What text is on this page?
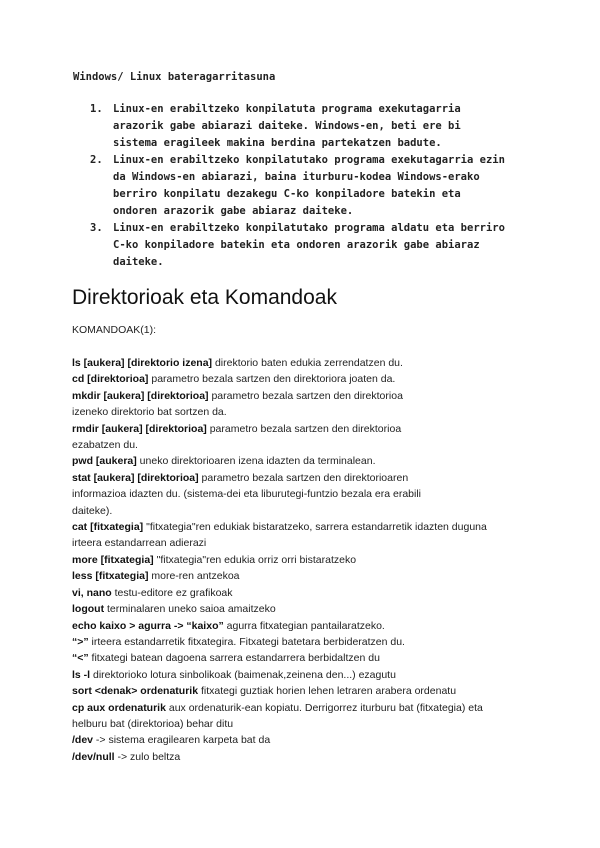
Windows/ Linux bateragarritasuna
1. Linux-en erabiltzeko konpilatuta programa exekutagarria
arazorik gabe abiarazi daiteke. Windows-en, beti ere bi
sistema eragileek makina berdina partekatzen badute.
2. Linux-en erabiltzeko konpilatutako programa exekutagarria ezin
da Windows-en abiarazi, baina iturburu-kodea Windows-erako
berriro konpilatu dezakegu C-ko konpiladore batekin eta
ondoren arazorik gabe abiaraz daiteke.
3. Linux-en erabiltzeko konpilatutako programa aldatu eta berriro
C-ko konpiladore batekin eta ondoren arazorik gabe abiaraz
daiteke.
Direktorioak eta Komandoak
KOMANDOAK(1):
ls [aukera] [direktorio izena] direktorio baten edukia zerrendatzen du.
cd [direktorioa] parametro bezala sartzen den direktoriora joaten da.
mkdir [aukera] [direktorioa] parametro bezala sartzen den direktorioa
izeneko direktorio bat sortzen da.
rmdir [aukera] [direktorioa] parametro bezala sartzen den direktorioa
ezabatzen du.
pwd [aukera] uneko direktorioaren izena idazten da terminalean.
stat [aukera] [direktorioa] parametro bezala sartzen den direktorioaren
informazioa idazten du. (sistema-dei eta liburutegi-funtzio bezala era erabili
daiteke).
cat [fitxategia] "fitxategia"ren edukiak bistaratzeko, sarrera estandarretik idazten duguna
irteera estandarrean adierazi
more [fitxategia] "fitxategia"ren edukia orriz orri bistaratzeko
less [fitxategia] more-ren antzekoa
vi, nano testu-editore ez grafikoak
logout terminalaren uneko saioa amaitzeko
echo kaixo > agurra -> “kaixo” agurra fitxategian pantailaratzeko.
“>” irteera estandarretik fitxategira. Fitxategi batetara berbideratzen du.
“<” fitxategi batean dagoena sarrera estandarrera berbidaltzen du
ls -l direktorioko lotura sinbolikoak (baimenak,zeinena den...) ezagutu
sort <denak> ordenaturik fitxategi guztiak horien lehen letraren arabera ordenatu
cp aux ordenaturik aux ordenaturik-ean kopiatu. Derrigorrez iturburu bat (fitxategia) eta
helburu bat (direktorioa) behar ditu
/dev -> sistema eragilearen karpeta bat da
/dev/null -> zulo beltza
